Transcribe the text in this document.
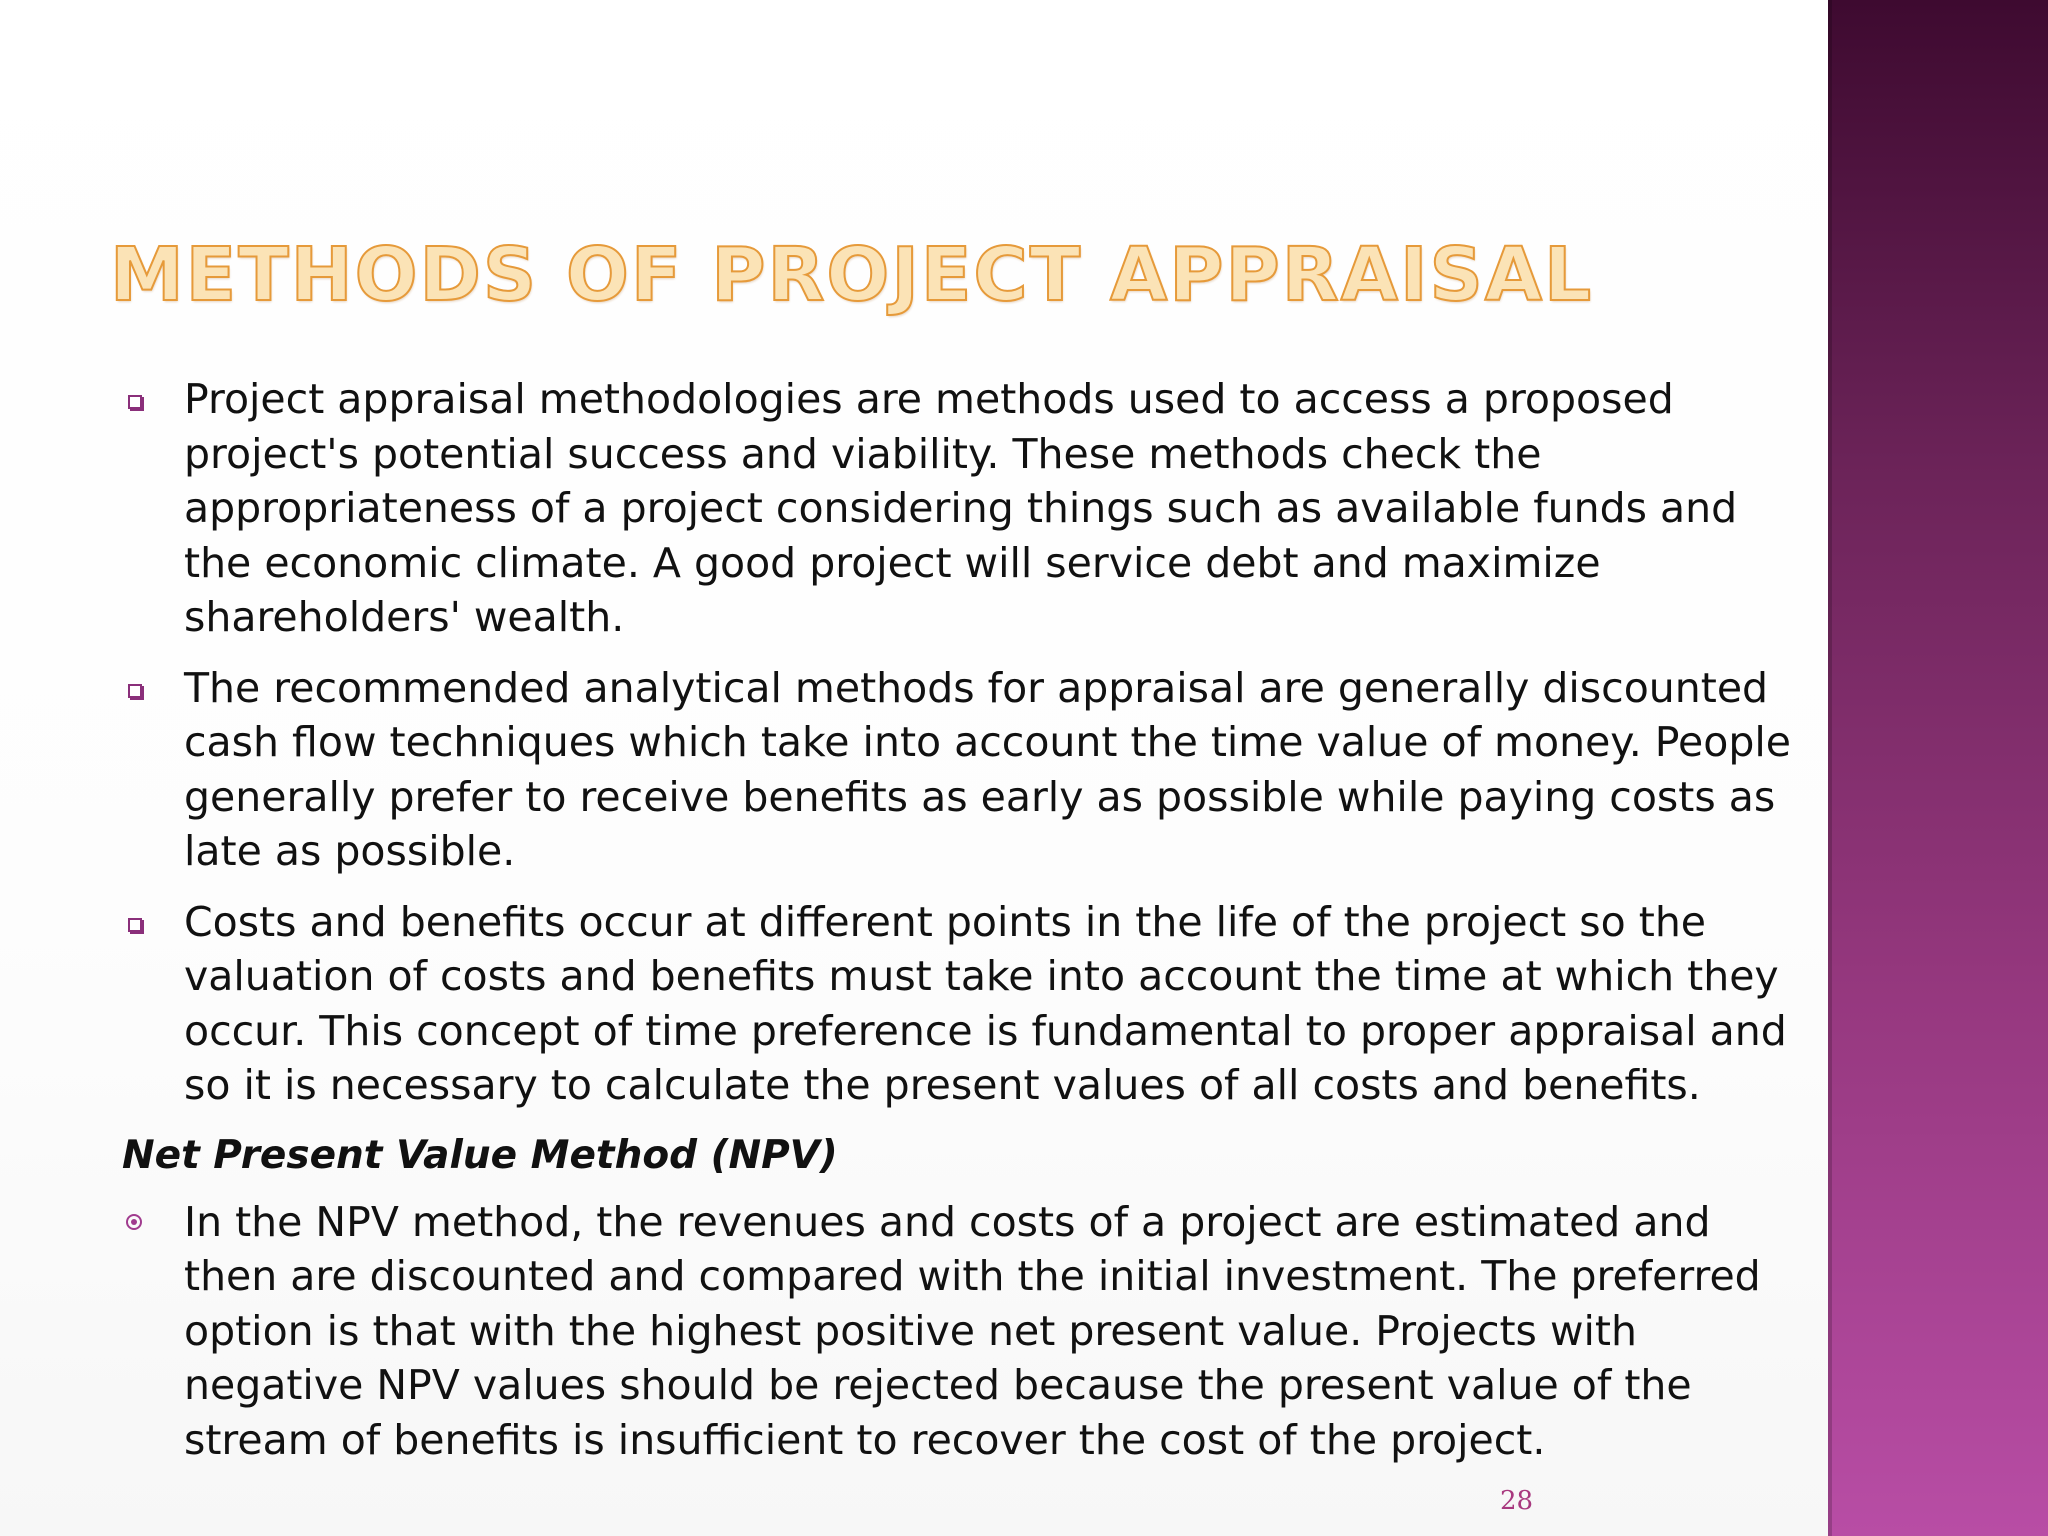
METHODS OF PROJECT APPRAISAL
Project appraisal methodologies are methods used to access a proposed project's potential success and viability. These methods check the appropriateness of a project considering things such as available funds and the economic climate. A good project will service debt and maximize shareholders' wealth.
The recommended analytical methods for appraisal are generally discounted cash flow techniques which take into account the time value of money. People generally prefer to receive benefits as early as possible while paying costs as late as possible.
Costs and benefits occur at different points in the life of the project so the valuation of costs and benefits must take into account the time at which they occur. This concept of time preference is fundamental to proper appraisal and so it is necessary to calculate the present values of all costs and benefits.
Net Present Value Method (NPV)
In the NPV method, the revenues and costs of a project are estimated and then are discounted and compared with the initial investment. The preferred option is that with the highest positive net present value. Projects with negative NPV values should be rejected because the present value of the stream of benefits is insufficient to recover the cost of the project.
28
